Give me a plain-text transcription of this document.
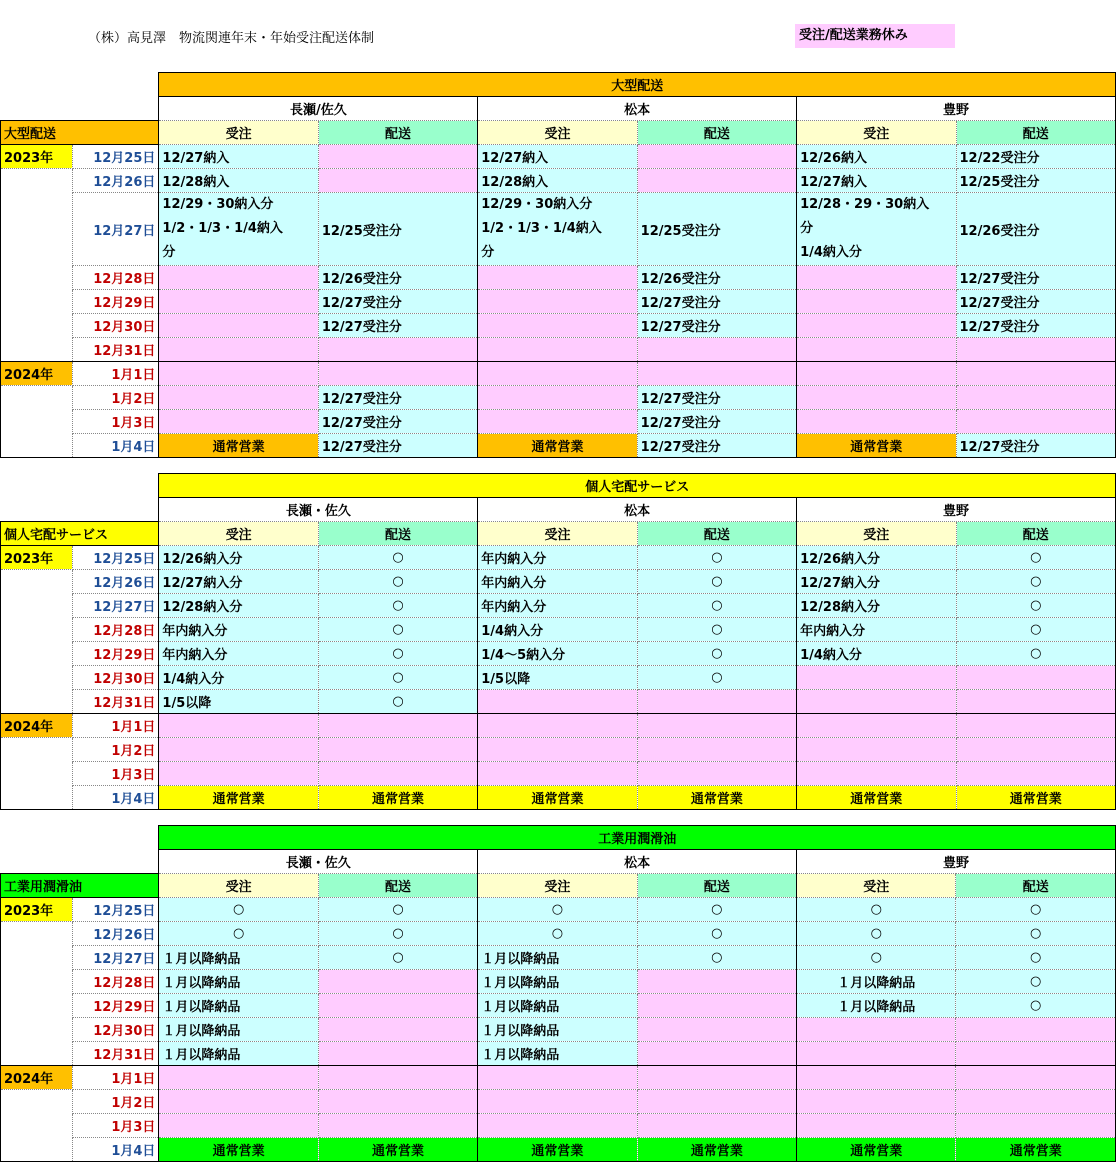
（株）高見澤　物流関連年末・年始受注配送体制	受注/配送業務休み
		大型配送					
		長瀬/佐久		松本		豊野	
大型配送		受注	配送	受注	配送	受注	配送
2023年	12月25日	12/27納入		12/27納入		12/26納入	12/22受注分
	12月26日	12/28納入		12/28納入		12/27納入	12/25受注分
	12月27日	12/29・30納入分
1/2・1/3・1/4納入
分	12/25受注分	12/29・30納入分
1/2・1/3・1/4納入
分	12/25受注分	12/28・29・30納入
分
1/4納入分	12/26受注分
	12月28日		12/26受注分		12/26受注分		12/27受注分
	12月29日		12/27受注分		12/27受注分		12/27受注分
	12月30日		12/27受注分		12/27受注分		12/27受注分
	12月31日						
2024年	1月1日						
	1月2日		12/27受注分		12/27受注分		
	1月3日		12/27受注分		12/27受注分		
	1月4日	通常営業	12/27受注分	通常営業	12/27受注分	通常営業	12/27受注分
		個人宅配サービス					
		長瀬・佐久		松本		豊野	
個人宅配サービス		受注	配送	受注	配送	受注	配送
2023年	12月25日	12/26納入分	○	年内納入分	○	12/26納入分	○
	12月26日	12/27納入分	○	年内納入分	○	12/27納入分	○
	12月27日	12/28納入分	○	年内納入分	○	12/28納入分	○
	12月28日	年内納入分	○	1/4納入分	○	年内納入分	○
	12月29日	年内納入分	○	1/4～5納入分	○	1/4納入分	○
	12月30日	1/4納入分	○	1/5以降	○		
	12月31日	1/5以降	○				
2024年	1月1日						
	1月2日						
	1月3日						
	1月4日	通常営業	通常営業	通常営業	通常営業	通常営業	通常営業
		工業用潤滑油					
		長瀬・佐久		松本		豊野	
工業用潤滑油		受注	配送	受注	配送	受注	配送
2023年	12月25日	○	○	○	○	○	○
	12月26日	○	○	○	○	○	○
	12月27日	１月以降納品	○	１月以降納品	○	○	○
	12月28日	１月以降納品		１月以降納品		１月以降納品	○
	12月29日	１月以降納品		１月以降納品		１月以降納品	○
	12月30日	１月以降納品		１月以降納品			
	12月31日	１月以降納品		１月以降納品			
2024年	1月1日						
	1月2日						
	1月3日						
	1月4日	通常営業	通常営業	通常営業	通常営業	通常営業	通常営業
